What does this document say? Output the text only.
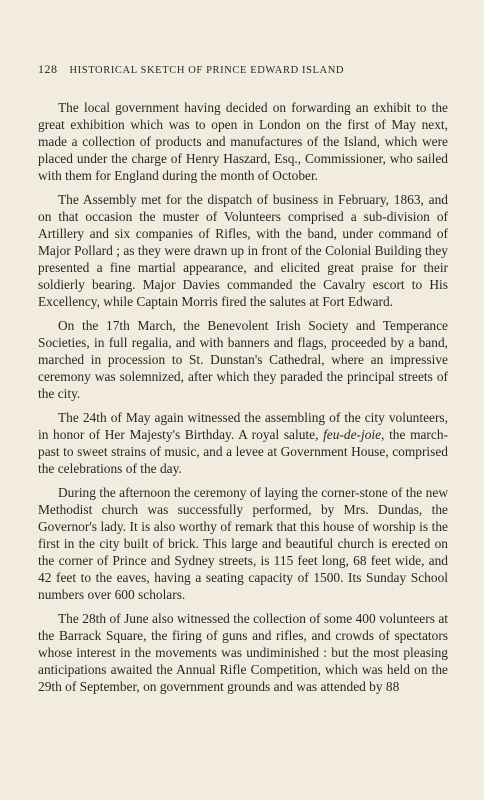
128 HISTORICAL SKETCH OF PRINCE EDWARD ISLAND

The local government having decided on forwarding an exhibit to the great exhibition which was to open in London on the first of May next, made a collection of products and manufactures of the Island, which were placed under the charge of Henry Haszard, Esq., Commissioner, who sailed with them for England during the month of October.

The Assembly met for the dispatch of business in February, 1863, and on that occasion the muster of Volunteers comprised a sub-division of Artillery and six companies of Rifles, with the band, under command of Major Pollard ; as they were drawn up in front of the Colonial Building they presented a fine martial appearance, and elicited great praise for their soldierly bearing. Major Davies commanded the Cavalry escort to His Excellency, while Captain Morris fired the salutes at Fort Edward.

On the 17th March, the Benevolent Irish Society and Temperance Societies, in full regalia, and with banners and flags, proceeded by a band, marched in procession to St. Dunstan's Cathedral, where an impressive ceremony was solemnized, after which they paraded the principal streets of the city.

The 24th of May again witnessed the assembling of the city volunteers, in honor of Her Majesty's Birthday. A royal salute, feu-de-joie, the march-past to sweet strains of music, and a levee at Government House, comprised the celebrations of the day.

During the afternoon the ceremony of laying the corner-stone of the new Methodist church was successfully performed, by Mrs. Dundas, the Governor's lady. It is also worthy of remark that this house of worship is the first in the city built of brick. This large and beautiful church is erected on the corner of Prince and Sydney streets, is 115 feet long, 68 feet wide, and 42 feet to the eaves, having a seating capacity of 1500. Its Sunday School numbers over 600 scholars.

The 28th of June also witnessed the collection of some 400 volunteers at the Barrack Square, the firing of guns and rifles, and crowds of spectators whose interest in the movements was undiminished : but the most pleasing anticipations awaited the Annual Rifle Competition, which was held on the 29th of September, on government grounds and was attended by 88
